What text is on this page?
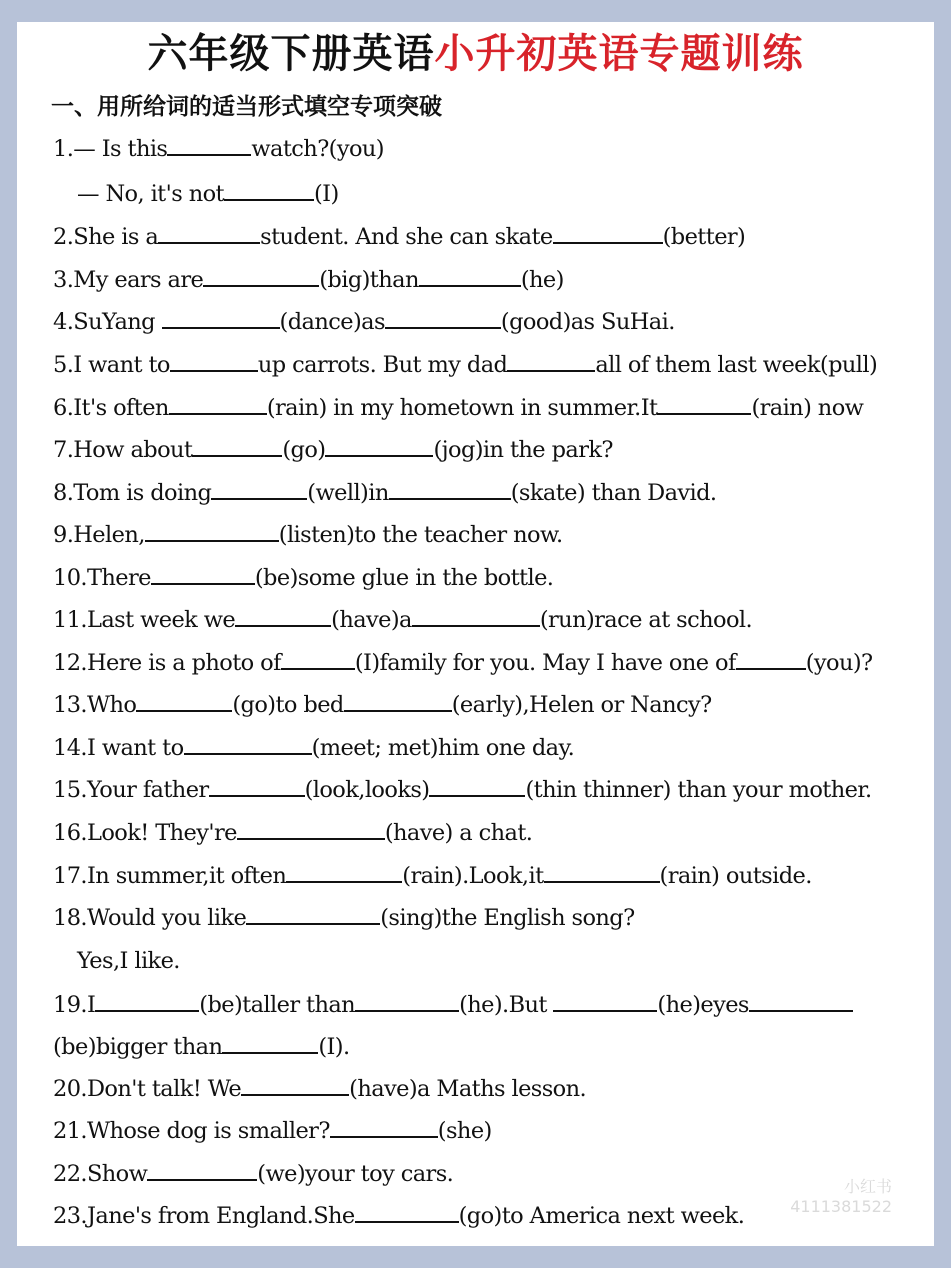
六年级下册英语小升初英语专题训练
一、用所给词的适当形式填空专项突破
1.— Is this	watch?(you)
— No, it's not	(I)
2.She is a	student. And she can skate	(better)
3.My ears are	(big)than	(he)
4.SuYang	(dance)as	(good)as SuHai.
5.I want to	up carrots. But my dad	all of them last week(pull)
6.It's often	(rain) in my hometown in summer.It	(rain) now
7.How about	(go)	(jog)in the park?
8.Tom is doing	(well)in	(skate) than David.
9.Helen,	(listen)to the teacher now.
10.There	(be)some glue in the bottle.
11.Last week we	(have)a	(run)race at school.
12.Here is a photo of	(I)family for you. May I have one of	(you)?
13.Who	(go)to bed	(early),Helen or Nancy?
14.I want to	(meet; met)him one day.
15.Your father	(look,looks)	(thin thinner) than your mother.
16.Look! They're	(have) a chat.
17.In summer,it often	(rain).Look,it	(rain) outside.
18.Would you like	(sing)the English song?
Yes,I like.
19.I	(be)taller than	(he).But	(he)eyes
(be)bigger than	(I).
20.Don't talk! We	(have)a Maths lesson.
21.Whose dog is smaller?	(she)
22.Show	(we)your toy cars.
23.Jane's from England.She	(go)to America next week.
小红书
4111381522
